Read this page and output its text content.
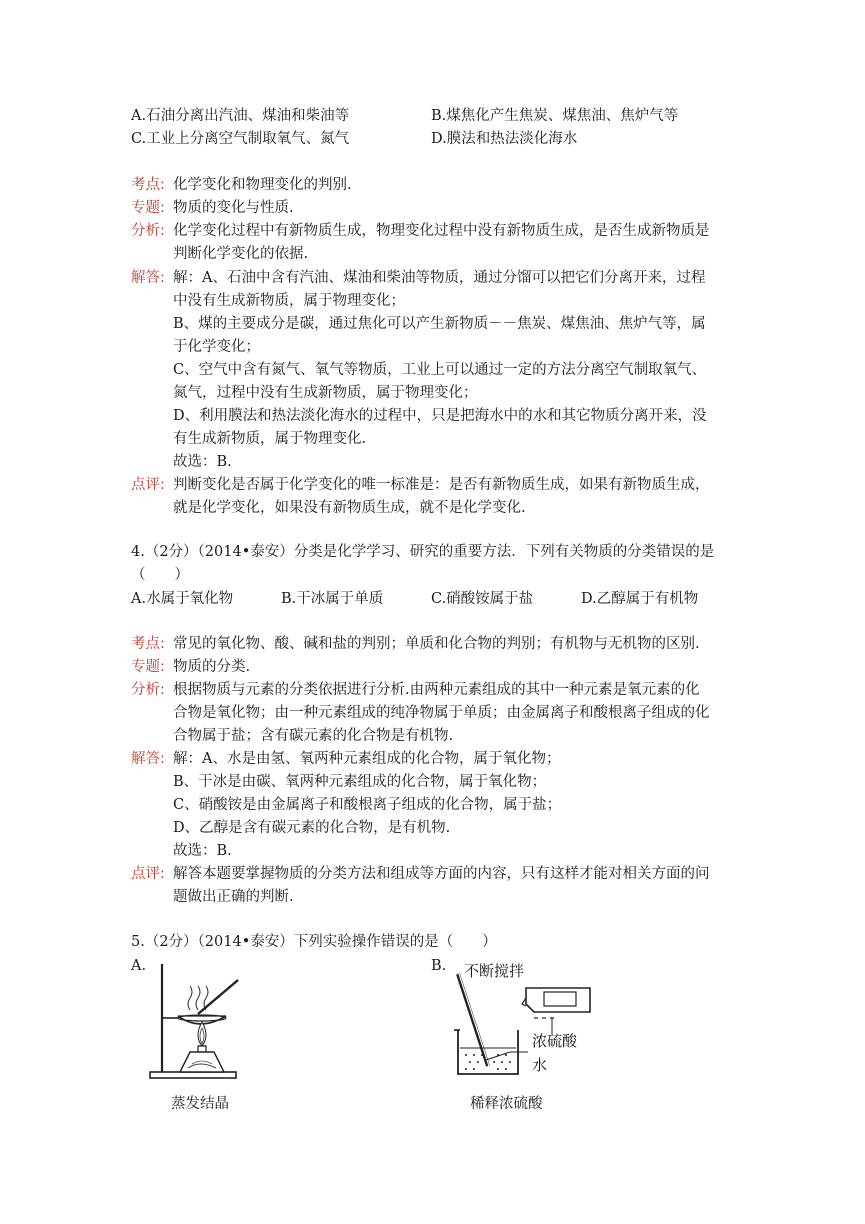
A.石油分离出汽油、煤油和柴油等	B.煤焦化产生焦炭、煤焦油、焦炉气等
C.工业上分离空气制取氧气、氮气	D.膜法和热法淡化海水
考点: 化学变化和物理变化的判别.
专题: 物质的变化与性质.
分析: 化学变化过程中有新物质生成，物理变化过程中没有新物质生成，是否生成新物质是
判断化学变化的依据.
解答: 解：A、石油中含有汽油、煤油和柴油等物质，通过分馏可以把它们分离开来，过程
中没有生成新物质，属于物理变化；
B、煤的主要成分是碳，通过焦化可以产生新物质－－焦炭、煤焦油、焦炉气等，属
于化学变化；
C、空气中含有氮气、氧气等物质，工业上可以通过一定的方法分离空气制取氧气、
氮气，过程中没有生成新物质，属于物理变化；
D、利用膜法和热法淡化海水的过程中，只是把海水中的水和其它物质分离开来，没
有生成新物质，属于物理变化.
故选：B.
点评: 判断变化是否属于化学变化的唯一标准是：是否有新物质生成，如果有新物质生成，
就是化学变化，如果没有新物质生成，就不是化学变化.
4.（2分）（2014•泰安）分类是化学学习、研究的重要方法．下列有关物质的分类错误的是
（　　）
A.水属于氧化物	B.干冰属于单质	C.硝酸铵属于盐	D.乙醇属于有机物
考点: 常见的氧化物、酸、碱和盐的判别；单质和化合物的判别；有机物与无机物的区别.
专题: 物质的分类.
分析: 根据物质与元素的分类依据进行分析.由两种元素组成的其中一种元素是氧元素的化
合物是氧化物；由一种元素组成的纯净物属于单质；由金属离子和酸根离子组成的化
合物属于盐；含有碳元素的化合物是有机物.
解答: 解：A、水是由氢、氧两种元素组成的化合物，属于氧化物；
B、干冰是由碳、氧两种元素组成的化合物，属于氧化物；
C、硝酸铵是由金属离子和酸根离子组成的化合物，属于盐；
D、乙醇是含有碳元素的化合物，是有机物.
故选：B.
点评: 解答本题要掌握物质的分类方法和组成等方面的内容，只有这样才能对相关方面的问
题做出正确的判断.
5.（2分）（2014•泰安）下列实验操作错误的是（　　）
A.	B. 不断搅拌
浓硫酸
水
蒸发结晶	稀释浓硫酸
